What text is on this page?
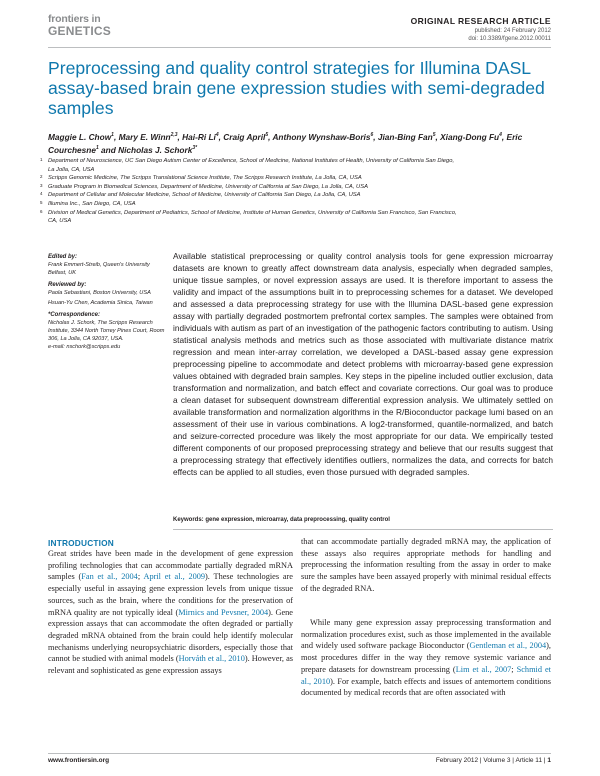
frontiers in
GENETICS
ORIGINAL RESEARCH ARTICLE
published: 24 February 2012
doi: 10.3389/fgene.2012.00011
Preprocessing and quality control strategies for Illumina DASL assay-based brain gene expression studies with semi-degraded samples
Maggie L. Chow$^1$, Mary E. Winn$^{2,3}$, Hai-Ri Li$^4$, Craig April$^5$, Anthony Wynshaw-Boris$^6$, Jian-Bing Fan$^5$, Xiang-Dong Fu$^4$, Eric Courchesne$^1$ and Nicholas J. Schork$^{3*}$
1 Department of Neuroscience, UC San Diego Autism Center of Excellence, School of Medicine, National Institutes of Health, University of California San Diego,
La Jolla, CA, USA
2 Scripps Genomic Medicine, The Scripps Translational Science Institute, The Scripps Research Institute, La Jolla, CA, USA
3 Graduate Program in Biomedical Sciences, Department of Medicine, University of California at San Diego, La Jolla, CA, USA
4 Department of Cellular and Molecular Medicine, School of Medicine, University of California San Diego, La Jolla, CA, USA
5 Illumina Inc., San Diego, CA, USA
6 Division of Medical Genetics, Department of Pediatrics, School of Medicine, Institute of Human Genetics, University of California San Francisco, San Francisco,
CA, USA
Edited by:
Frank Emmert-Streib, Queen's University Belfast, UK
Reviewed by:
Paola Sebastiani, Boston University, USA
Hsuan-Yu Chen, Academia Sinica, Taiwan
*Correspondence:
Nicholas J. Schork, The Scripps Research Institute, 3344 North Torrey Pines Court, Room 306, La Jolla, CA 92037, USA.
e-mail: nschork@scripps.edu

Available statistical preprocessing or quality control analysis tools for gene expression microarray datasets are known to greatly affect downstream data analysis, especially when degraded samples, unique tissue samples, or novel expression assays are used. It is therefore important to assess the validity and impact of the assumptions built in to preprocessing schemes for a dataset. We developed and assessed a data preprocessing strategy for use with the Illumina DASL-based gene expression assay with partially degraded postmortem prefrontal cortex samples. The samples were obtained from individuals with autism as part of an investigation of the pathogenic factors contributing to autism. Using statistical analysis methods and metrics such as those associated with multivariate distance matrix regression and mean inter-array correlation, we developed a DASL-based assay gene expression preprocessing pipeline to accommodate and detect problems with microarray-based gene expression values obtained with degraded brain samples. Key steps in the pipeline included outlier exclusion, data transformation and normalization, and batch effect and covariate corrections. Our goal was to produce a clean dataset for subsequent downstream differential expression analysis. We ultimately settled on available transformation and normalization algorithms in the R/Bioconductor package lumi based on an assessment of their use in various combinations. A log2-transformed, quantile-normalized, and batch and seizure-corrected procedure was likely the most appropriate for our data. We empirically tested different components of our proposed preprocessing strategy and believe that our results suggest that a preprocessing strategy that effectively identifies outliers, normalizes the data, and corrects for batch effects can be applied to all studies, even those pursued with degraded samples.

Keywords: gene expression, microarray, data preprocessing, quality control
INTRODUCTION

Great strides have been made in the development of gene expression profiling technologies that can accommodate partially degraded mRNA samples (Fan et al., 2004; April et al., 2009). These technologies are especially useful in assaying gene expression levels from unique tissue sources, such as the brain, where the conditions for the preservation of mRNA quality are not typically ideal (Mirnics and Pevsner, 2004). Gene expression assays that can accommodate the often degraded or partially degraded mRNA obtained from the brain could help identify molecular mechanisms underlying neuropsychiatric disorders, especially those that cannot be studied with animal models (Horváth et al., 2010). However, as relevant and sophisticated as gene expression assays

that can accommodate partially degraded mRNA may, the application of these assays also requires appropriate methods for handling and preprocessing the information resulting from the assay in order to make sure the samples have been assayed properly with minimal residual effects of the degraded RNA.

While many gene expression assay preprocessing transformation and normalization procedures exist, such as those implemented in the available and widely used software package Bioconductor (Gentleman et al., 2004), most procedures differ in the way they remove systemic variance and prepare datasets for downstream processing (Lim et al., 2007; Schmid et al., 2010). For example, batch effects and issues of antemortem conditions documented by medical records that are often associated with

www.frontiersin.org	February 2012 | Volume 3 | Article 11 | 1
